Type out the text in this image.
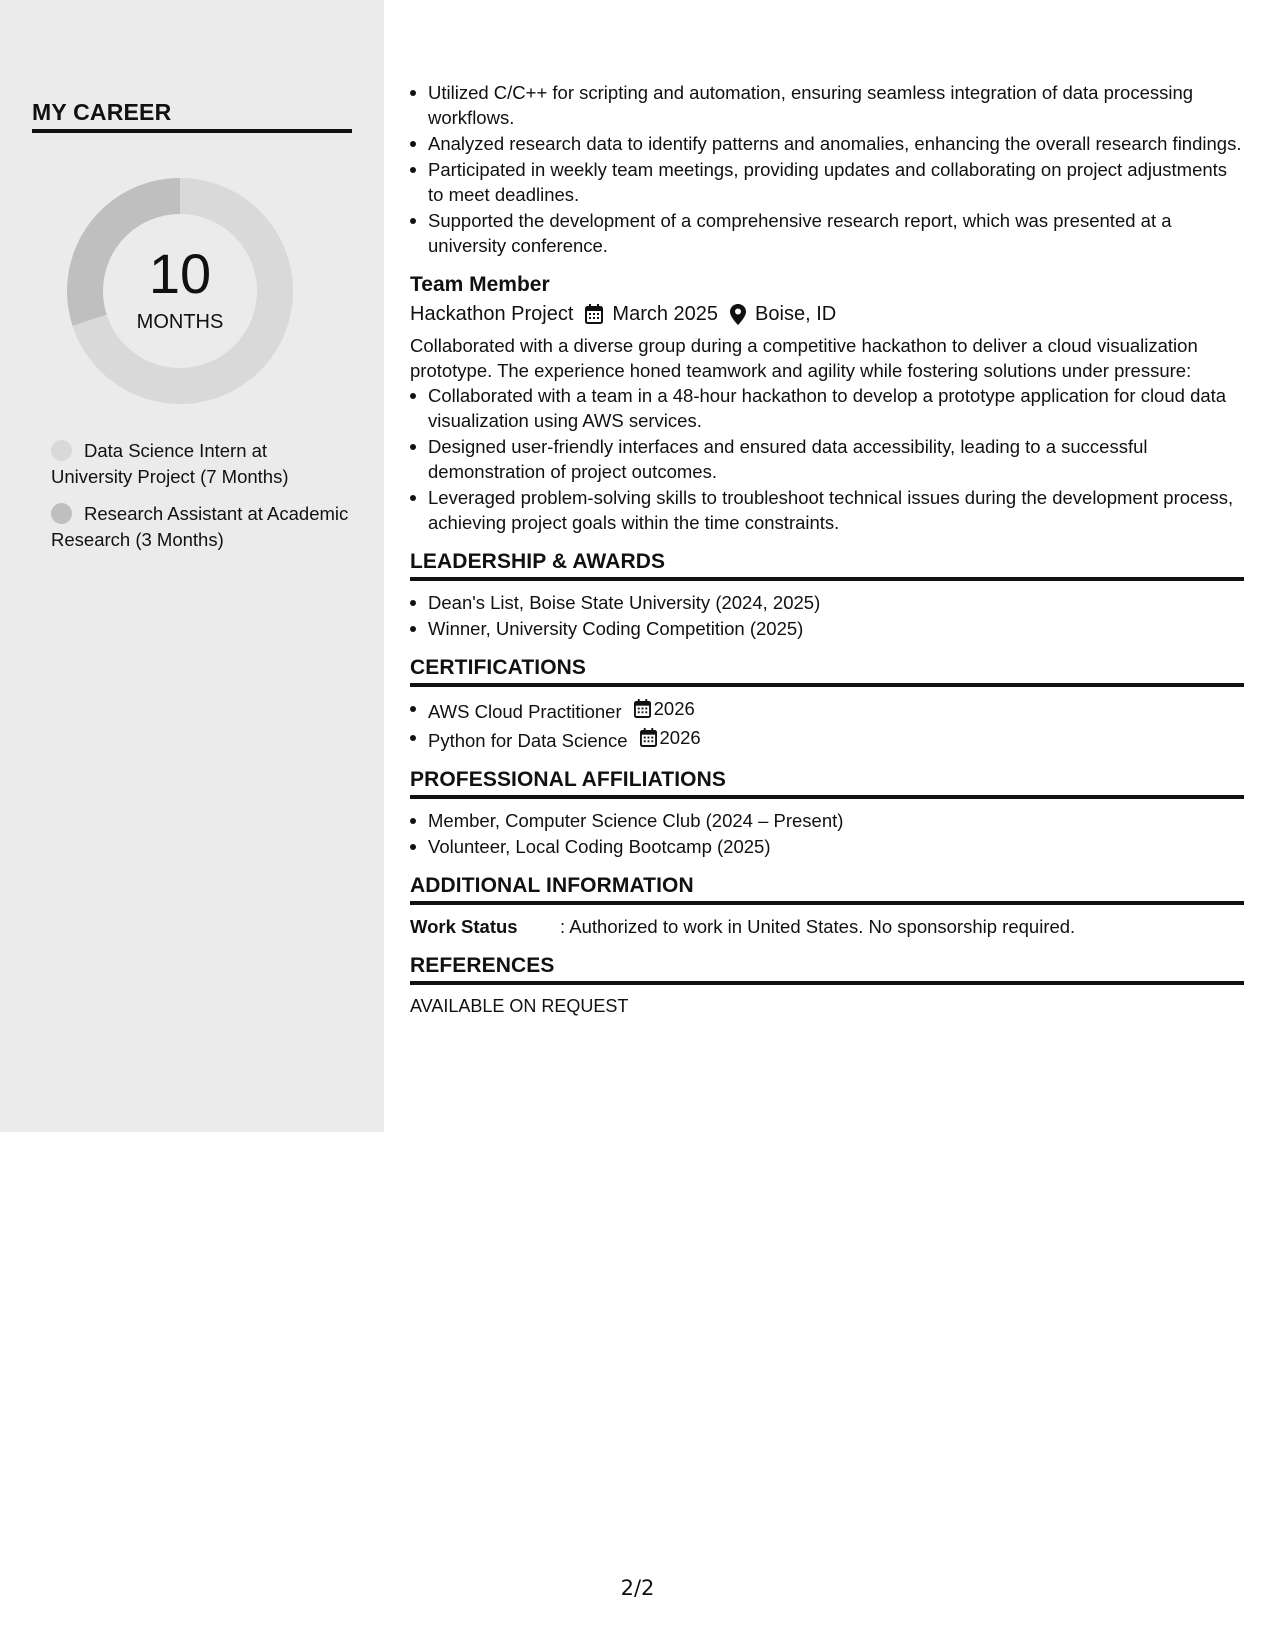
MY CAREER
10
MONTHS
Data Science Intern at University Project (7 Months)
Research Assistant at Academic Research (3 Months)
Utilized C/C++ for scripting and automation, ensuring seamless integration of data processing workflows.
Analyzed research data to identify patterns and anomalies, enhancing the overall research findings.
Participated in weekly team meetings, providing updates and collaborating on project adjustments to meet deadlines.
Supported the development of a comprehensive research report, which was presented at a university conference.
Team Member
Hackathon Project March 2025 Boise, ID
Collaborated with a diverse group during a competitive hackathon to deliver a cloud visualization prototype. The experience honed teamwork and agility while fostering solutions under pressure:
Collaborated with a team in a 48-hour hackathon to develop a prototype application for cloud data visualization using AWS services.
Designed user-friendly interfaces and ensured data accessibility, leading to a successful demonstration of project outcomes.
Leveraged problem-solving skills to troubleshoot technical issues during the development process, achieving project goals within the time constraints.
LEADERSHIP & AWARDS
Dean's List, Boise State University (2024, 2025)
Winner, University Coding Competition (2025)
CERTIFICATIONS
AWS Cloud Practitioner 2026
Python for Data Science 2026
PROFESSIONAL AFFILIATIONS
Member, Computer Science Club (2024 – Present)
Volunteer, Local Coding Bootcamp (2025)
ADDITIONAL INFORMATION
Work Status	: Authorized to work in United States. No sponsorship required.
REFERENCES
AVAILABLE ON REQUEST
2/2
